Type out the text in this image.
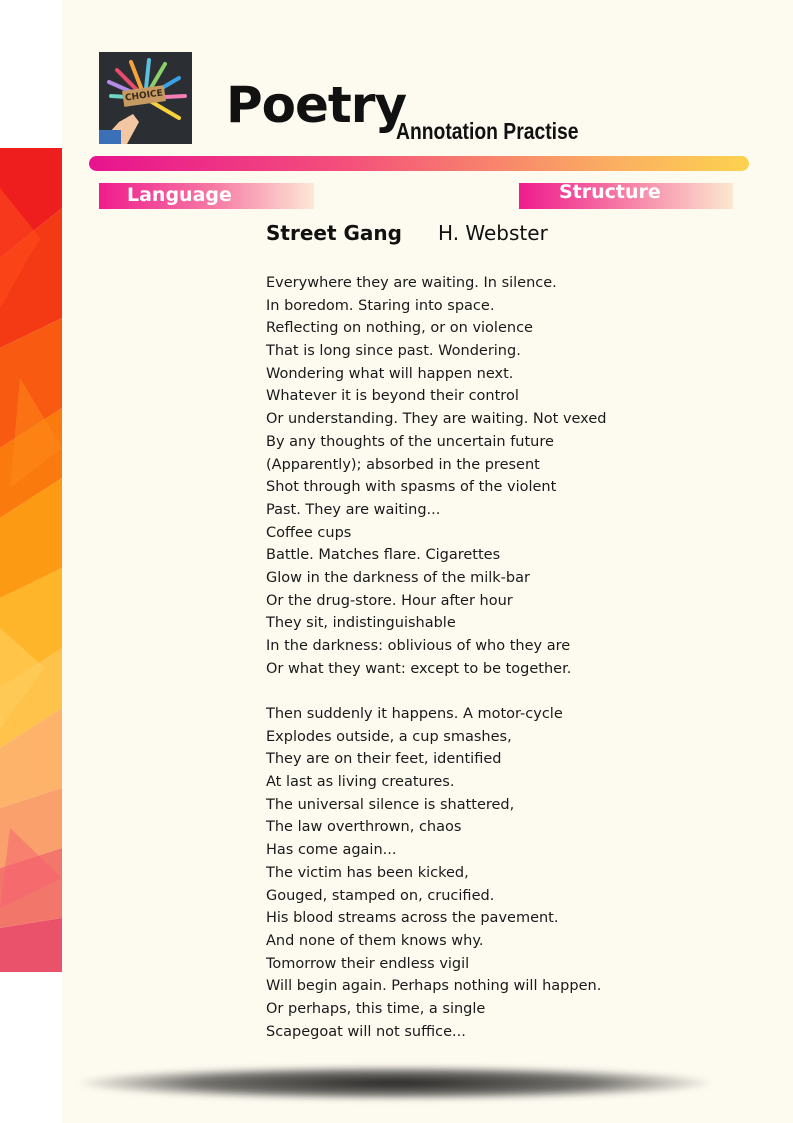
CHOICE Poetry
Annotation Practise
Language	Structure
Street Gang H. Webster
Everywhere they are waiting. In silence.
In boredom. Staring into space.
Reflecting on nothing, or on violence
That is long since past. Wondering.
Wondering what will happen next.
Whatever it is beyond their control
Or understanding. They are waiting. Not vexed
By any thoughts of the uncertain future
(Apparently); absorbed in the present
Shot through with spasms of the violent
Past. They are waiting...
Coffee cups
Battle. Matches flare. Cigarettes
Glow in the darkness of the milk-bar
Or the drug-store. Hour after hour
They sit, indistinguishable
In the darkness: oblivious of who they are
Or what they want: except to be together.
Then suddenly it happens. A motor-cycle
Explodes outside, a cup smashes,
They are on their feet, identified
At last as living creatures.
The universal silence is shattered,
The law overthrown, chaos
Has come again...
The victim has been kicked,
Gouged, stamped on, crucified.
His blood streams across the pavement.
And none of them knows why.
Tomorrow their endless vigil
Will begin again. Perhaps nothing will happen.
Or perhaps, this time, a single
Scapegoat will not suffice...
